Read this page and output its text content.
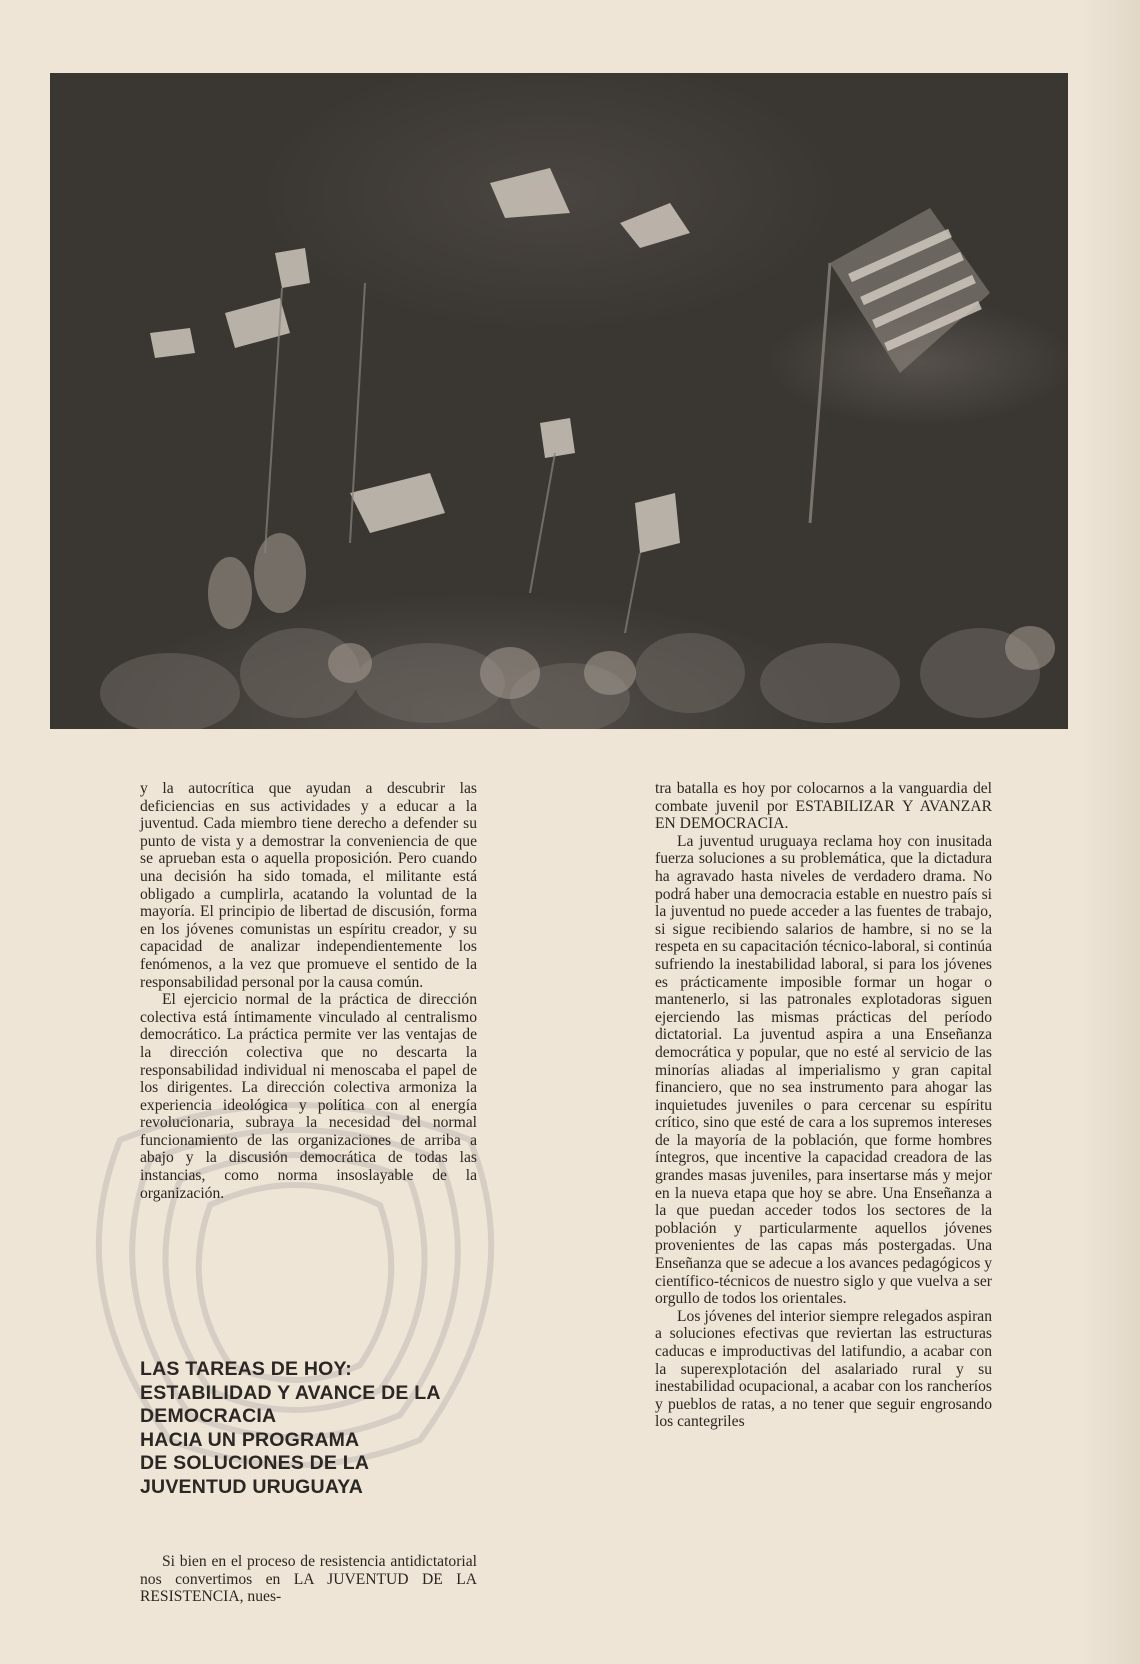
y la autocrítica que ayudan a descubrir las deficiencias en sus actividades y a educar a la juventud. Cada miembro tiene derecho a defender su punto de vista y a demostrar la conveniencia de que se aprueban esta o aquella proposición. Pero cuando una decisión ha sido tomada, el militante está obligado a cumplirla, acatando la voluntad de la mayoría. El principio de libertad de discusión, forma en los jóvenes comunistas un espíritu creador, y su capacidad de analizar independientemente los fenómenos, a la vez que promueve el sentido de la responsabilidad personal por la causa común.

El ejercicio normal de la práctica de dirección colectiva está íntimamente vinculado al centralismo democrático. La práctica permite ver las ventajas de la dirección colectiva que no descarta la responsabilidad individual ni menoscaba el papel de los dirigentes. La dirección colectiva armoniza la experiencia ideológica y política con al energía revolucionaria, subraya la necesidad del normal funcionamiento de las organizaciones de arriba a abajo y la discusión democrática de todas las instancias, como norma insoslayable de la organización.

LAS TAREAS DE HOY:
ESTABILIDAD Y AVANCE DE LA
DEMOCRACIA
HACIA UN PROGRAMA
DE SOLUCIONES DE LA
JUVENTUD URUGUAYA

Si bien en el proceso de resistencia antidictatorial nos convertimos en LA JUVENTUD DE LA RESISTENCIA, nues-

tra batalla es hoy por colocarnos a la vanguardia del combate juvenil por ESTABILIZAR Y AVANZAR EN DEMOCRACIA.

La juventud uruguaya reclama hoy con inusitada fuerza soluciones a su problemática, que la dictadura ha agravado hasta niveles de verdadero drama. No podrá haber una democracia estable en nuestro país si la juventud no puede acceder a las fuentes de trabajo, si sigue recibiendo salarios de hambre, si no se la respeta en su capacitación técnico-laboral, si continúa sufriendo la inestabilidad laboral, si para los jóvenes es prácticamente imposible formar un hogar o mantenerlo, si las patronales explotadoras siguen ejerciendo las mismas prácticas del período dictatorial. La juventud aspira a una Enseñanza democrática y popular, que no esté al servicio de las minorías aliadas al imperialismo y gran capital financiero, que no sea instrumento para ahogar las inquietudes juveniles o para cercenar su espíritu crítico, sino que esté de cara a los supremos intereses de la mayoría de la población, que forme hombres íntegros, que incentive la capacidad creadora de las grandes masas juveniles, para insertarse más y mejor en la nueva etapa que hoy se abre. Una Enseñanza a la que puedan acceder todos los sectores de la población y particularmente aquellos jóvenes provenientes de las capas más postergadas. Una Enseñanza que se adecue a los avances pedagógicos y científico-técnicos de nuestro siglo y que vuelva a ser orgullo de todos los orientales.

Los jóvenes del interior siempre relegados aspiran a soluciones efectivas que reviertan las estructuras caducas e improductivas del latifundio, a acabar con la superexplotación del asalariado rural y su inestabilidad ocupacional, a acabar con los rancheríos y pueblos de ratas, a no tener que seguir engrosando los cantegriles
